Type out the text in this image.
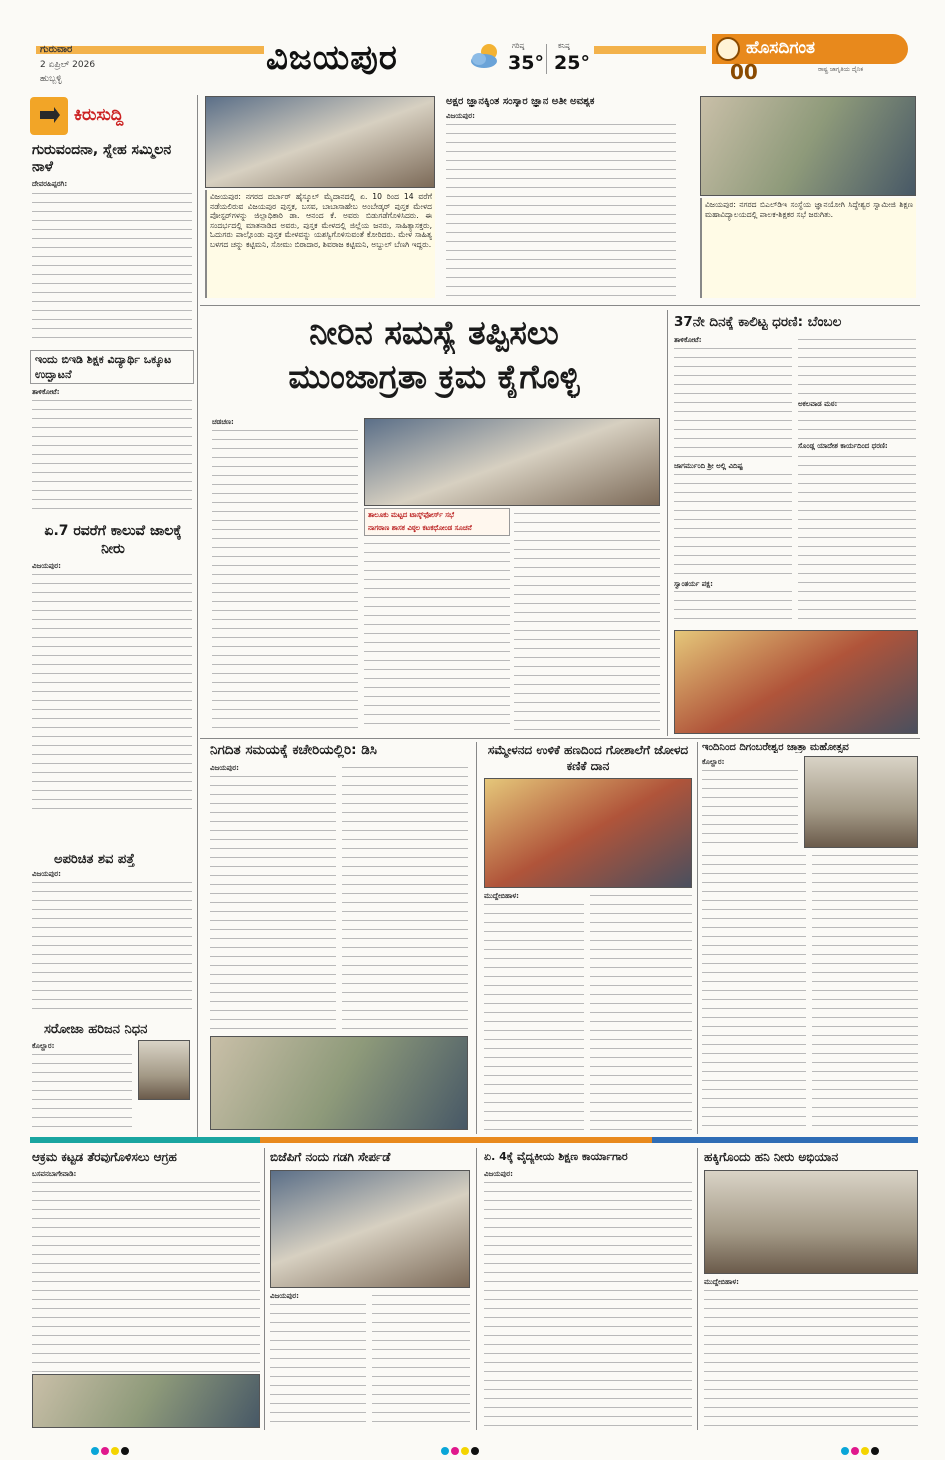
ಗುರುವಾರ
2 ಏಪ್ರಿಲ್ 2026
ಹುಬ್ಬಳ್ಳಿ
ವಿಜಯಪುರ	ಗರಿಷ್ಠ
35°
ಕನಿಷ್ಠ
25°
ಹೊಸದಿಗಂತ
ರಾಷ್ಟ್ರ ಜಾಗೃತಿಯ ದೈನಿಕ
00
ಕಿರುಸುದ್ದಿ
ಗುರುವಂದನಾ, ಸ್ನೇಹ ಸಮ್ಮಿಲನ ನಾಳೆ
ದೇವರಹಿಪ್ಪರಗಿ:
ಇಂದು ಬಿಇಡಿ ಶಿಕ್ಷಕ ವಿದ್ಯಾರ್ಥಿ ಒಕ್ಕೂಟ ಉದ್ಘಾಟನೆ
ತಾಳಿಕೋಟೆ:
ಏ.7 ರವರೆಗೆ ಕಾಲುವೆ ಜಾಲಕ್ಕೆ ನೀರು
ವಿಜಯಪುರ:
ಅಪರಿಚಿತ ಶವ ಪತ್ತೆ
ವಿಜಯಪುರ:
ಸರೋಜಾ ಹರಿಜನ ನಿಧನ
ಕೊಲ್ಹಾರ:
ವಿಜಯಪುರ: ನಗರದ ದರ್ಬಾರ್ ಹೈಸ್ಕೂಲ್ ಮೈದಾನದಲ್ಲಿ ಏ. 10 ರಿಂದ 14 ವರೆಗೆ ನಡೆಯಲಿರುವ ವಿಜಯಪುರ ಪುಸ್ತಕ, ಬಸವ, ಬಾಬಾಸಾಹೇಬ ಅಂಬೇಡ್ಕರ್ ಪುಸ್ತಕ ಮೇಳದ ಪೋಸ್ಟರ್‌ಗಳನ್ನು ಜಿಲ್ಲಾಧಿಕಾರಿ ಡಾ. ಆನಂದ ಕೆ. ಅವರು ಬಿಡುಗಡೆಗೊಳಿಸಿದರು. ಈ ಸಂದರ್ಭದಲ್ಲಿ ಮಾತನಾಡಿದ ಅವರು, ಪುಸ್ತಕ ಮೇಳದಲ್ಲಿ ಜಿಲ್ಲೆಯ ಜನರು, ಸಾಹಿತ್ಯಾಸಕ್ತರು, ಓದುಗರು ಪಾಲ್ಗೊಂಡು ಪುಸ್ತಕ ಮೇಳವನ್ನು ಯಶಸ್ವಿಗೊಳಿಸುವಂತೆ ಕೋರಿದರು. ಮೇಳ ಸಾಹಿತ್ಯ ಬಳಗದ ಚನ್ನು ಕಟ್ಟಿಮನಿ, ಸೋಮು ಬಿರಾದಾರ, ಶಿವರಾಜ ಕಟ್ಟಿಮನಿ, ಅಬ್ದುಲ್ ಬೆಣಗಿ ಇದ್ದರು.
ಅಕ್ಷರ ಜ್ಞಾನಕ್ಕಿಂತ ಸಂಸ್ಕಾರ ಜ್ಞಾನ ಅತೀ ಅವಶ್ಯಕ
ವಿಜಯಪುರ:
ವಿಜಯಪುರ: ನಗರದ ಬಿಎಲ್‌ಡಿಇ ಸಂಸ್ಥೆಯ ಜ್ಞಾನಯೋಗಿ ಸಿದ್ಧೇಶ್ವರ ಸ್ವಾಮೀಜಿ ಶಿಕ್ಷಣ ಮಹಾವಿದ್ಯಾಲಯದಲ್ಲಿ ಪಾಲಕ-ಶಿಕ್ಷಕರ ಸಭೆ ಜರುಗಿತು.
ನೀರಿನ ಸಮಸ್ಯೆ ತಪ್ಪಿಸಲು
ಮುಂಜಾಗ್ರತಾ ಕ್ರಮ ಕೈಗೊಳ್ಳಿ
ಚಡಚಣ:
ತಾಲೂಕು ಮಟ್ಟದ ಟಾಸ್ಕ್‌ಫೋರ್ಸ್ ಸಭೆ
ನಾಗಠಾಣ ಶಾಸಕ ವಿಠ್ಠಲ ಕಟಕಧೋಂಡ ಸೂಚನೆ
37ನೇ ದಿನಕ್ಕೆ ಕಾಲಿಟ್ಟ ಧರಣಿ: ಬೆಂಬಲ
ತಾಳಿಕೋಟೆ:
ಅಕಲವಾಡ ಮಠ:
ಸೊಂಡ್ಲ ಯಾದೇಶ ಕಾರ್ಯದಿಂದ ಧರಣಿ:
ಜಾಗರ್ಮುಂದಿ ಶ್ರೀ ಅಲ್ಲಿ ವಿದಿಷ್ಟ
ಸ್ವಾಂತರ್ಯ ಪಕ್ಷ:
ನಿಗದಿತ ಸಮಯಕ್ಕೆ ಕಚೇರಿಯಲ್ಲಿರಿ: ಡಿಸಿ
ವಿಜಯಪುರ:
ಸಮ್ಮೇಳನದ ಉಳಿಕೆ ಹಣದಿಂದ ಗೋಶಾಲೆಗೆ ಜೋಳದ ಕಣಿಕೆ ದಾನ
ಮುದ್ದೇಬಿಹಾಳ:
ಇಂದಿನಿಂದ ದಿಗಂಬರೇಶ್ವರ ಜಾತ್ರಾ ಮಹೋತ್ಸವ
ಕೊಲ್ಹಾರ:
ಆಕ್ರಮ ಕಟ್ಟಡ ತೆರವುಗೊಳಿಸಲು ಆಗ್ರಹ
ಬಸವನಬಾಗೇವಾಡಿ:
ಬಿಜೆಪಿಗೆ ನಂದು ಗಡಗಿ ಸೇರ್ಪಡೆ
ವಿಜಯಪುರ:
ಏ. 4ಕ್ಕೆ ವೈದ್ಯಕೀಯ ಶಿಕ್ಷಣ ಕಾರ್ಯಾಗಾರ
ವಿಜಯಪುರ:
ಹಕ್ಕಿಗೊಂದು ಹನಿ ನೀರು ಅಭಿಯಾನ
ಮುದ್ದೇಬಿಹಾಳ:
